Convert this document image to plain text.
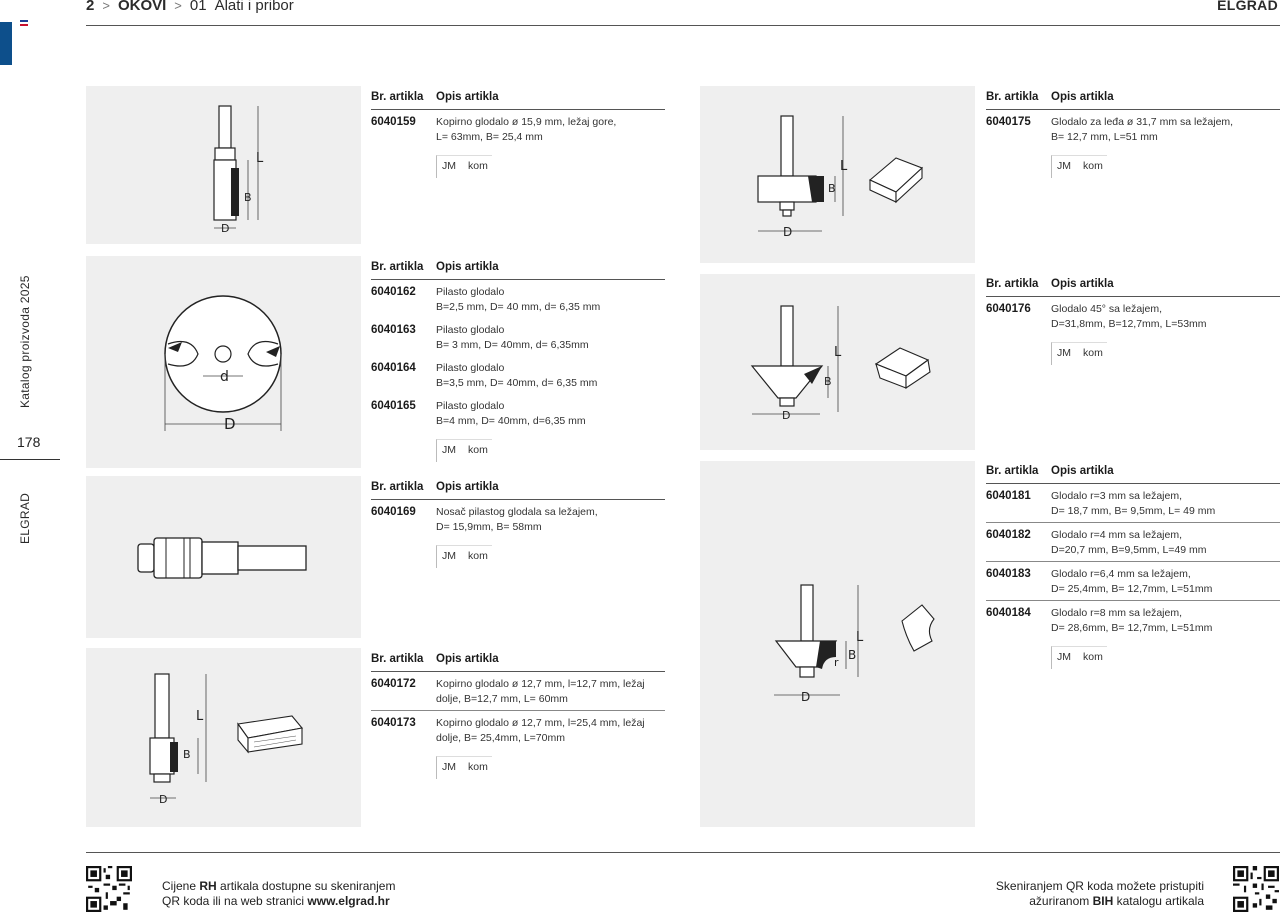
Katalog proizvoda 2025
178
ELGRAD
2 > OKOVI > 01 Alati i pribor	ELGRAD
L
B
D
d
D
L
B
D
L
B
D
L
B
D
L
B
r
D
Br. artikla	Opis artikla
6040159	Kopirno glodalo ø 15,9 mm, ležaj gore,
L= 63mm, B= 25,4 mm
JM kom
Br. artikla	Opis artikla
6040162	Pilasto glodalo
B=2,5 mm, D= 40 mm, d= 6,35 mm
6040163	Pilasto glodalo
B= 3 mm, D= 40mm, d= 6,35mm
6040164	Pilasto glodalo
B=3,5 mm, D= 40mm, d= 6,35 mm
6040165	Pilasto glodalo
B=4 mm, D= 40mm, d=6,35 mm
JM kom
Br. artikla	Opis artikla
6040169	Nosač pilastog glodala sa ležajem,
D= 15,9mm, B= 58mm
JM kom
Br. artikla	Opis artikla
6040172	Kopirno glodalo ø 12,7 mm, l=12,7 mm, ležaj
dolje, B=12,7 mm, L= 60mm
6040173	Kopirno glodalo ø 12,7 mm, l=25,4 mm, ležaj
dolje, B= 25,4mm, L=70mm
JM kom
Br. artikla	Opis artikla
6040175	Glodalo za leđa ø 31,7 mm sa ležajem,
B= 12,7 mm, L=51 mm
JM kom
Br. artikla	Opis artikla
6040176	Glodalo 45° sa ležajem,
D=31,8mm, B=12,7mm, L=53mm
JM kom
Br. artikla	Opis artikla
6040181	Glodalo r=3 mm sa ležajem,
D= 18,7 mm, B= 9,5mm, L= 49 mm
6040182	Glodalo r=4 mm sa ležajem,
D=20,7 mm, B=9,5mm, L=49 mm
6040183	Glodalo r=6,4 mm sa ležajem,
D= 25,4mm, B= 12,7mm, L=51mm
6040184	Glodalo r=8 mm sa ležajem,
D= 28,6mm, B= 12,7mm, L=51mm
JM kom
Cijene RH artikala dostupne su skeniranjem
QR koda ili na web stranici www.elgrad.hr
Skeniranjem QR koda možete pristupiti
ažuriranom BIH katalogu artikala
